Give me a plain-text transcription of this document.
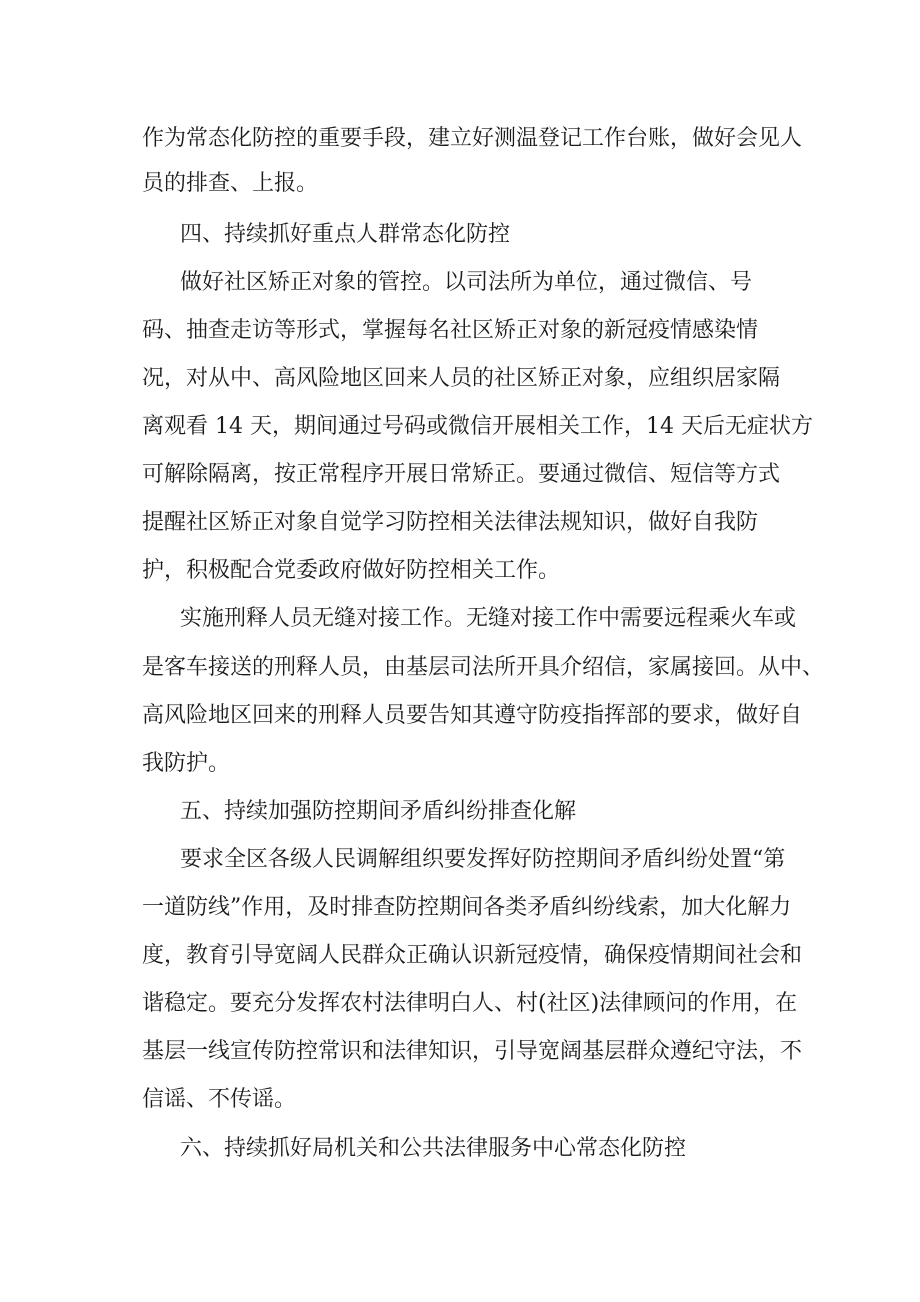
作为常态化防控的重要手段，建立好测温登记工作台账，做好会见人
员的排查、上报。
四、持续抓好重点人群常态化防控
做好社区矫正对象的管控。以司法所为单位，通过微信、号
码、抽查走访等形式，掌握每名社区矫正对象的新冠疫情感染情
况，对从中、高风险地区回来人员的社区矫正对象，应组织居家隔
离观看 14 天，期间通过号码或微信开展相关工作，14 天后无症状方
可解除隔离，按正常程序开展日常矫正。要通过微信、短信等方式
提醒社区矫正对象自觉学习防控相关法律法规知识，做好自我防
护，积极配合党委政府做好防控相关工作。
实施刑释人员无缝对接工作。无缝对接工作中需要远程乘火车或
是客车接送的刑释人员，由基层司法所开具介绍信，家属接回。从中、
高风险地区回来的刑释人员要告知其遵守防疫指挥部的要求，做好自
我防护。
五、持续加强防控期间矛盾纠纷排查化解
要求全区各级人民调解组织要发挥好防控期间矛盾纠纷处置“第
一道防线”作用，及时排查防控期间各类矛盾纠纷线索，加大化解力
度，教育引导宽阔人民群众正确认识新冠疫情，确保疫情期间社会和
谐稳定。要充分发挥农村法律明白人、村(社区)法律顾问的作用，在
基层一线宣传防控常识和法律知识，引导宽阔基层群众遵纪守法，不
信谣、不传谣。
六、持续抓好局机关和公共法律服务中心常态化防控
